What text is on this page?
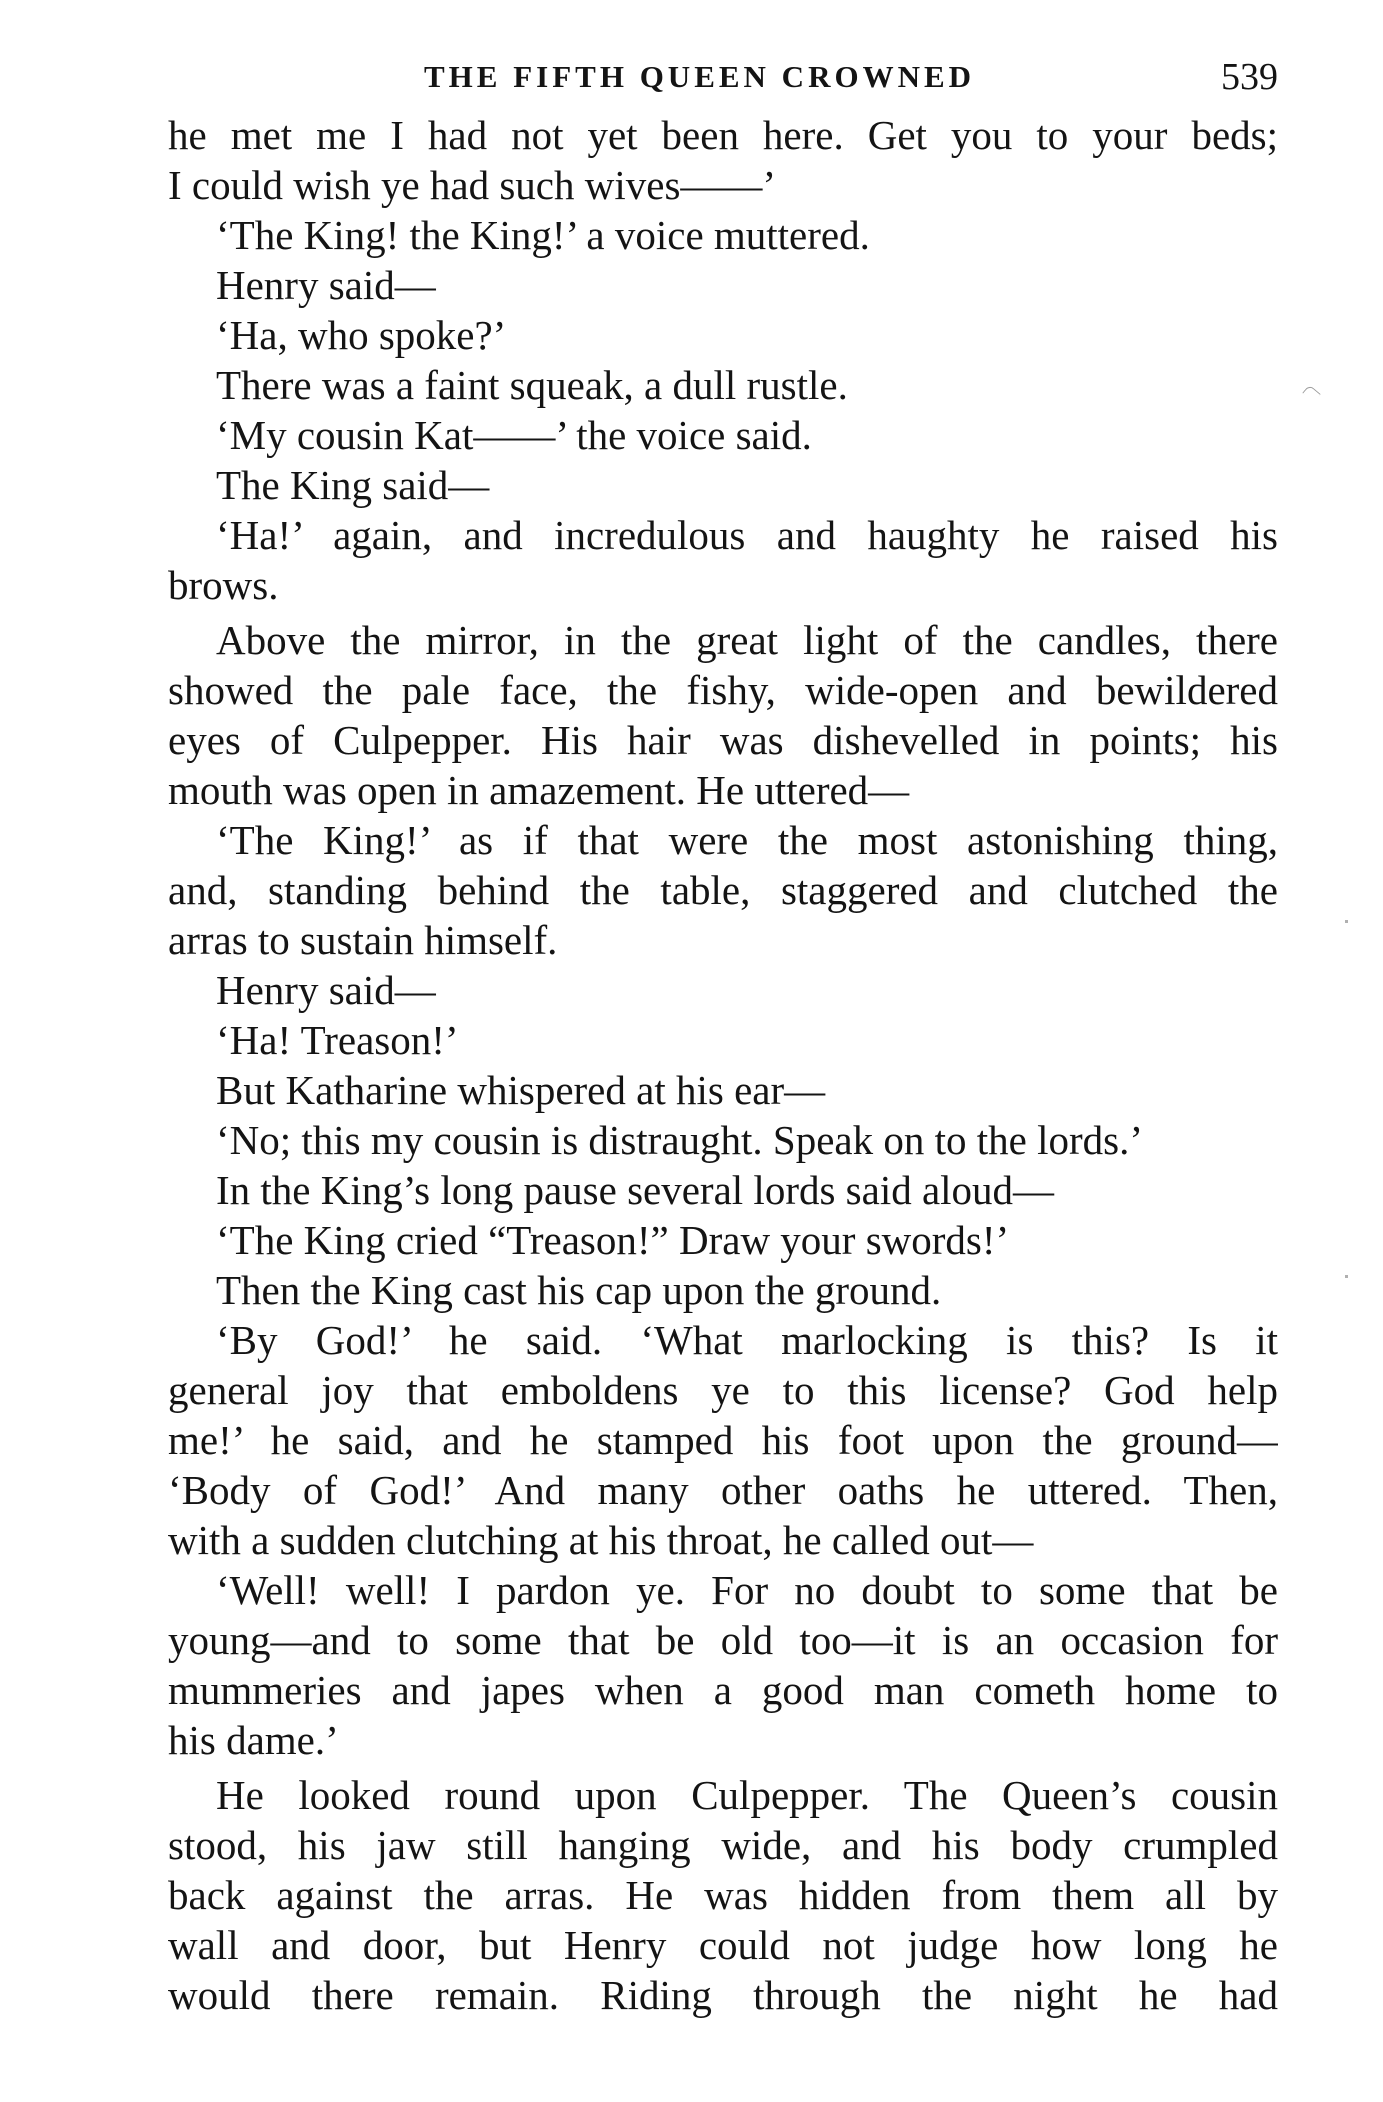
THE FIFTH QUEEN CROWNED	539
he met me I had not yet been here. Get you to your beds;
I could wish ye had such wives——’
‘The King! the King!’ a voice muttered.
Henry said—
‘Ha, who spoke?’
There was a faint squeak, a dull rustle.
‘My cousin Kat——’ the voice said.
The King said—
‘Ha!’ again, and incredulous and haughty he raised his
brows.
Above the mirror, in the great light of the candles, there
showed the pale face, the fishy, wide-open and bewildered
eyes of Culpepper. His hair was dishevelled in points; his
mouth was open in amazement. He uttered—
‘The King!’ as if that were the most astonishing thing,
and, standing behind the table, staggered and clutched the
arras to sustain himself.
Henry said—
‘Ha! Treason!’
But Katharine whispered at his ear—
‘No; this my cousin is distraught. Speak on to the lords.’
In the King’s long pause several lords said aloud—
‘The King cried “Treason!” Draw your swords!’
Then the King cast his cap upon the ground.
‘By God!’ he said. ‘What marlocking is this? Is it
general joy that emboldens ye to this license? God help
me!’ he said, and he stamped his foot upon the ground—
‘Body of God!’ And many other oaths he uttered. Then,
with a sudden clutching at his throat, he called out—
‘Well! well! I pardon ye. For no doubt to some that be
young—and to some that be old too—it is an occasion for
mummeries and japes when a good man cometh home to
his dame.’
He looked round upon Culpepper. The Queen’s cousin
stood, his jaw still hanging wide, and his body crumpled
back against the arras. He was hidden from them all by
wall and door, but Henry could not judge how long he
would there remain. Riding through the night he had
